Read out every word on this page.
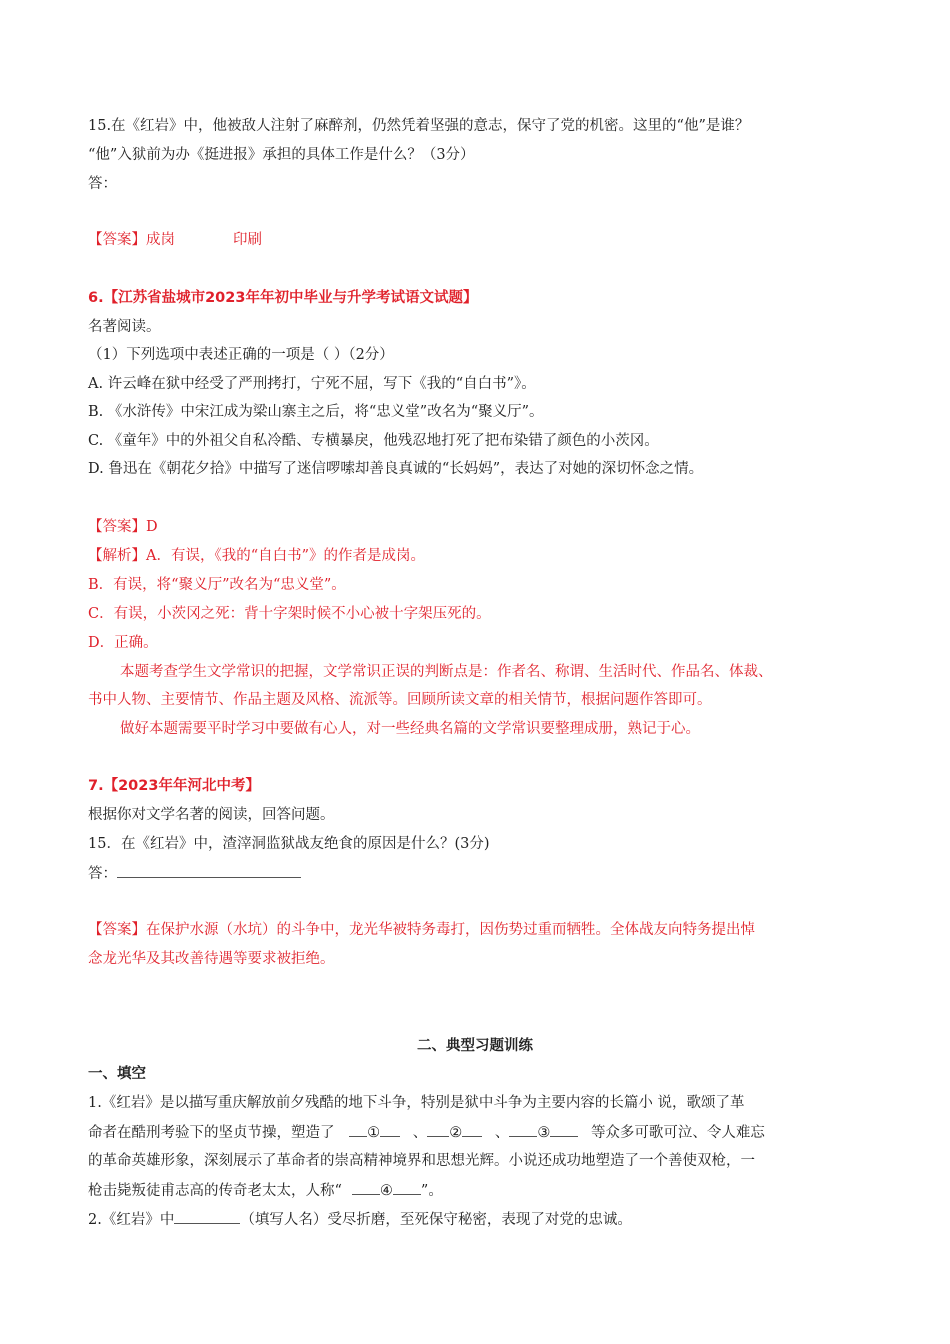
15.在《红岩》中，他被敌人注射了麻醉剂，仍然凭着坚强的意志，保守了党的机密。这里的“他”是谁？
“他”入狱前为办《挺进报》承担的具体工作是什么？（3分）
答：
【答案】成岗	印刷
6.【江苏省盐城市2023年年初中毕业与升学考试语文试题】
名著阅读。
（1）下列选项中表述正确的一项是（ ）（2分）
A. 许云峰在狱中经受了严刑拷打，宁死不屈，写下《我的“自白书”》。
B. 《水浒传》中宋江成为梁山寨主之后，将“忠义堂”改名为“聚义厅”。
C. 《童年》中的外祖父自私冷酷、专横暴戾，他残忍地打死了把布染错了颜色的小茨冈。
D. 鲁迅在《朝花夕拾》中描写了迷信啰嗦却善良真诚的“长妈妈”，表达了对她的深切怀念之情。
【答案】D
【解析】A．有误，《我的“自白书”》的作者是成岗。
B．有误，将“聚义厅”改名为“忠义堂”。
C．有误，小茨冈之死：背十字架时候不小心被十字架压死的。
D．正确。
本题考查学生文学常识的把握，文学常识正误的判断点是：作者名、称谓、生活时代、作品名、体裁、
书中人物、主要情节、作品主题及风格、流派等。回顾所读文章的相关情节，根据问题作答即可。
做好本题需要平时学习中要做有心人，对一些经典名篇的文学常识要整理成册，熟记于心。
7.【2023年年河北中考】
根据你对文学名著的阅读，回答问题。
15．在《红岩》中，渣滓洞监狱战友绝食的原因是什么？(3分)
答：
【答案】在保护水源（水坑）的斗争中，龙光华被特务毒打，因伤势过重而牺牲。全体战友向特务提出悼
念龙光华及其改善待遇等要求被拒绝。
二、典型习题训练
一、填空
1.《红岩》是以描写重庆解放前夕残酷的地下斗争，特别是狱中斗争为主要内容的长篇小 说，歌颂了革
命者在酷刑考验下的坚贞节操，塑造了 ① 、 ② 、 ③	等众多可歌可泣、令人难忘
的革命英雄形象，深刻展示了革命者的崇高精神境界和思想光辉。小说还成功地塑造了一个善使双枪，一
枪击毙叛徒甫志高的传奇老太太，人称“	④ ”。
2.《红岩》中	（填写人名）受尽折磨，至死保守秘密，表现了对党的忠诚。
